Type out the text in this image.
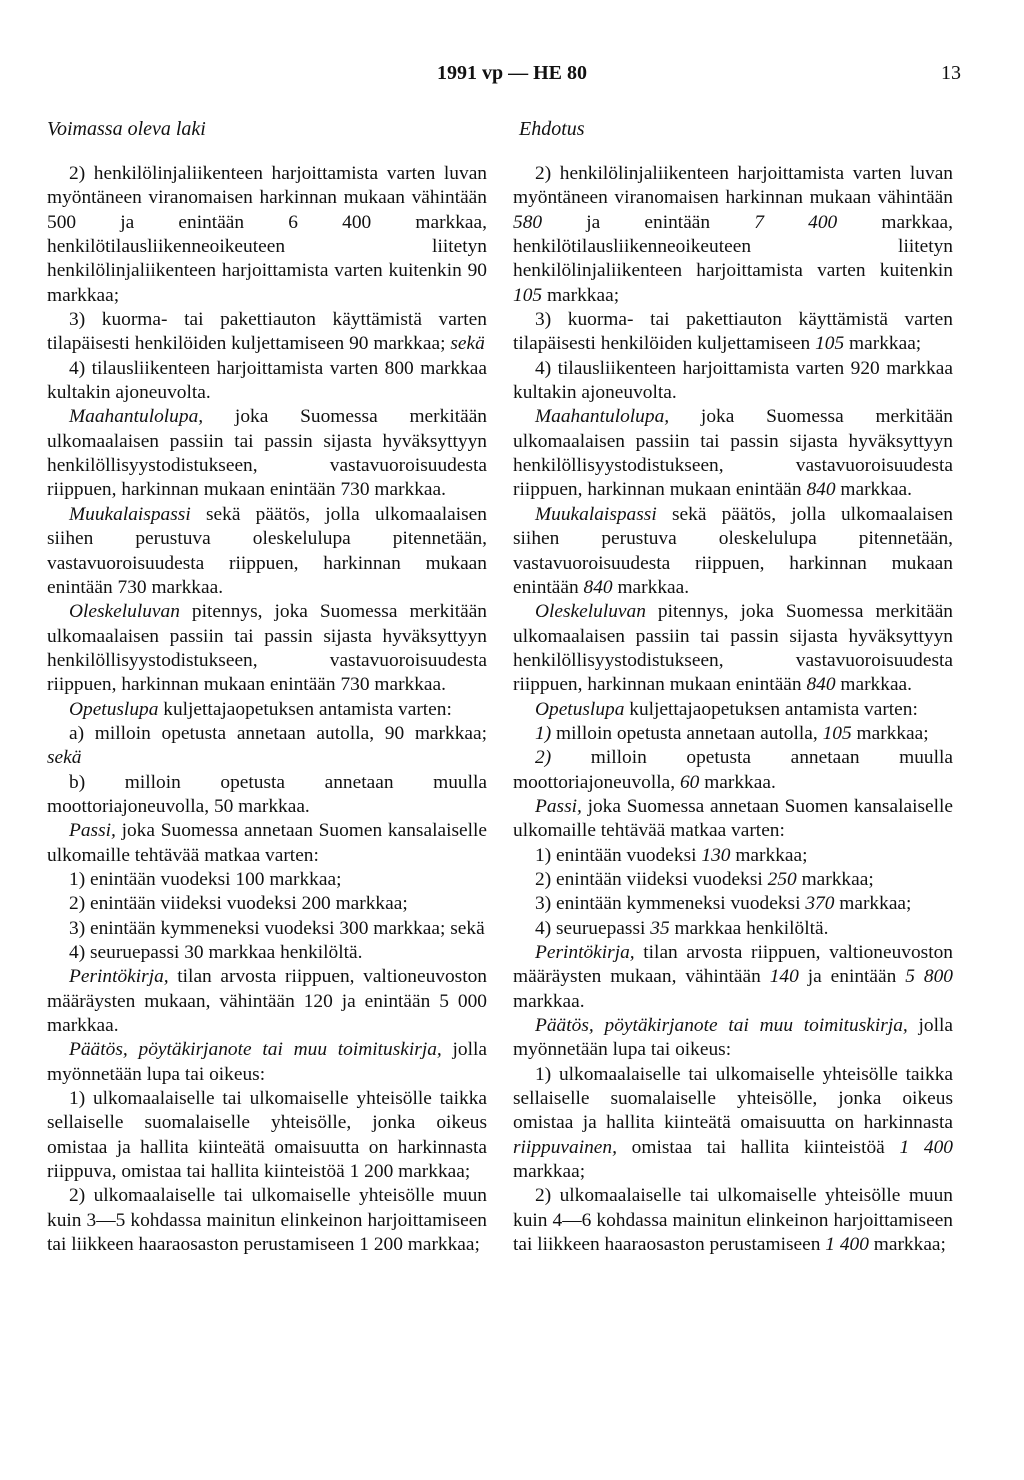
1991 vp — HE 80	13
Voimassa oleva laki	Ehdotus

2) henkilölinjaliikenteen harjoittamista varten luvan myöntäneen viranomaisen harkinnan mukaan vähintään 500 ja enintään 6 400 markkaa, henkilötilausliikenneoikeuteen liitetyn henkilölinjaliikenteen harjoittamista varten kuitenkin 90 markkaa;

3) kuorma- tai pakettiauton käyttämistä varten tilapäisesti henkilöiden kuljettamiseen 90 markkaa; sekä

4) tilausliikenteen harjoittamista varten 800 markkaa kultakin ajoneuvolta.

Maahantulolupa, joka Suomessa merkitään ulkomaalaisen passiin tai passin sijasta hyväksyttyyn henkilöllisyystodistukseen, vastavuoroisuudesta riippuen, harkinnan mukaan enintään 730 markkaa.

Muukalaispassi sekä päätös, jolla ulkomaalaisen siihen perustuva oleskelulupa pitennetään, vastavuoroisuudesta riippuen, harkinnan mukaan enintään 730 markkaa.

Oleskeluluvan pitennys, joka Suomessa merkitään ulkomaalaisen passiin tai passin sijasta hyväksyttyyn henkilöllisyystodistukseen, vastavuoroisuudesta riippuen, harkinnan mukaan enintään 730 markkaa.

Opetuslupa kuljettajaopetuksen antamista varten:

a) milloin opetusta annetaan autolla, 90 markkaa; sekä

b) milloin opetusta annetaan muulla moottoriajoneuvolla, 50 markkaa.

Passi, joka Suomessa annetaan Suomen kansalaiselle ulkomaille tehtävää matkaa varten:

1) enintään vuodeksi 100 markkaa;

2) enintään viideksi vuodeksi 200 markkaa;

3) enintään kymmeneksi vuodeksi 300 markkaa; sekä

4) seuruepassi 30 markkaa henkilöltä.

Perintökirja, tilan arvosta riippuen, valtioneuvoston määräysten mukaan, vähintään 120 ja enintään 5 000 markkaa.

Päätös, pöytäkirjanote tai muu toimituskirja, jolla myönnetään lupa tai oikeus:

1) ulkomaalaiselle tai ulkomaiselle yhteisölle taikka sellaiselle suomalaiselle yhteisölle, jonka oikeus omistaa ja hallita kiinteätä omaisuutta on harkinnasta riippuva, omistaa tai hallita kiinteistöä 1 200 markkaa;

2) ulkomaalaiselle tai ulkomaiselle yhteisölle muun kuin 3—5 kohdassa mainitun elinkeinon harjoittamiseen tai liikkeen haaraosaston perustamiseen 1 200 markkaa;

2) henkilölinjaliikenteen harjoittamista varten luvan myöntäneen viranomaisen harkinnan mukaan vähintään 580 ja enintään 7 400 markkaa, henkilötilausliikenneoikeuteen liitetyn henkilölinjaliikenteen harjoittamista varten kuitenkin 105 markkaa;

3) kuorma- tai pakettiauton käyttämistä varten tilapäisesti henkilöiden kuljettamiseen 105 markkaa;

4) tilausliikenteen harjoittamista varten 920 markkaa kultakin ajoneuvolta.

Maahantulolupa, joka Suomessa merkitään ulkomaalaisen passiin tai passin sijasta hyväksyttyyn henkilöllisyystodistukseen, vastavuoroisuudesta riippuen, harkinnan mukaan enintään 840 markkaa.

Muukalaispassi sekä päätös, jolla ulkomaalaisen siihen perustuva oleskelulupa pitennetään, vastavuoroisuudesta riippuen, harkinnan mukaan enintään 840 markkaa.

Oleskeluluvan pitennys, joka Suomessa merkitään ulkomaalaisen passiin tai passin sijasta hyväksyttyyn henkilöllisyystodistukseen, vastavuoroisuudesta riippuen, harkinnan mukaan enintään 840 markkaa.

Opetuslupa kuljettajaopetuksen antamista varten:

1) milloin opetusta annetaan autolla, 105 markkaa;

2) milloin opetusta annetaan muulla moottoriajoneuvolla, 60 markkaa.

Passi, joka Suomessa annetaan Suomen kansalaiselle ulkomaille tehtävää matkaa varten:

1) enintään vuodeksi 130 markkaa;

2) enintään viideksi vuodeksi 250 markkaa;

3) enintään kymmeneksi vuodeksi 370 markkaa;

4) seuruepassi 35 markkaa henkilöltä.

Perintökirja, tilan arvosta riippuen, valtioneuvoston määräysten mukaan, vähintään 140 ja enintään 5 800 markkaa.

Päätös, pöytäkirjanote tai muu toimituskirja, jolla myönnetään lupa tai oikeus:

1) ulkomaalaiselle tai ulkomaiselle yhteisölle taikka sellaiselle suomalaiselle yhteisölle, jonka oikeus omistaa ja hallita kiinteätä omaisuutta on harkinnasta riippuvainen, omistaa tai hallita kiinteistöä 1 400 markkaa;

2) ulkomaalaiselle tai ulkomaiselle yhteisölle muun kuin 4—6 kohdassa mainitun elinkeinon harjoittamiseen tai liikkeen haaraosaston perustamiseen 1 400 markkaa;
